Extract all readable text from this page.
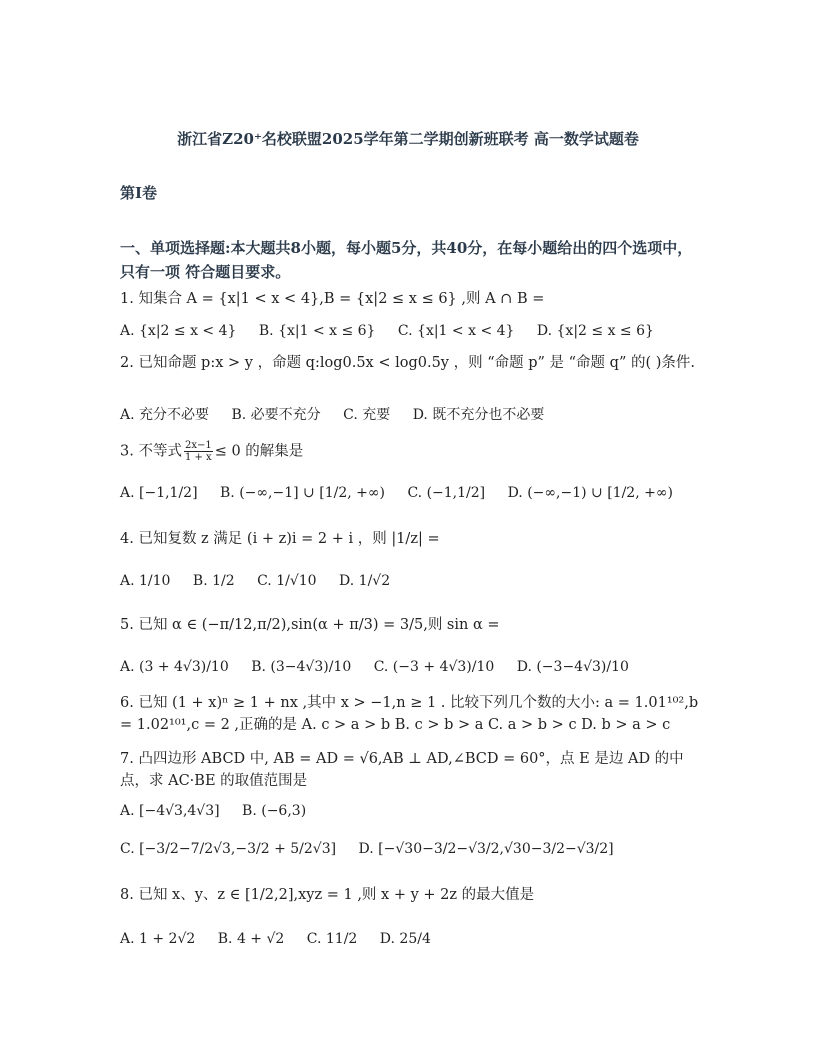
浙江省Z20⁺名校联盟2025学年第二学期创新班联考 高一数学试题卷
第I卷
一、单项选择题:本大题共8小题，每小题5分，共40分，在每小题给出的四个选项中，只有一项 符合题目要求。
1. 知集合 A = {x|1 < x < 4},B = {x|2 ≤ x ≤ 6} ,则 A ∩ B =
A. {x|2 ≤ x < 4} B. {x|1 < x ≤ 6} C. {x|1 < x < 4} D. {x|2 ≤ x ≤ 6}
2. 已知命题 p:x > y ，命题 q:log0.5x < log0.5y ，则 “命题 p” 是 “命题 q” 的( )条件.
A. 充分不必要 B. 必要不充分 C. 充要 D. 既不充分也不必要
3. 不等式 $\frac{2x-1}{1 + x} \le 0$ 的解集是
A. [−1,1/2] B. (−∞,−1] ∪ [1/2, +∞) C. (−1,1/2] D. (−∞,−1) ∪ [1/2, +∞)
4. 已知复数 z 满足 (i + z)i = 2 + i ，则 |1/z| =
A. 1/10 B. 1/2 C. 1/√10 D. 1/√2
5. 已知 α ∈ (−π/12,π/2),sin(α + π/3) = 3/5,则 sin α =
A. (3 + 4√3)/10 B. (3−4√3)/10 C. (−3 + 4√3)/10 D. (−3−4√3)/10
6. 已知 (1 + x)ⁿ ≥ 1 + nx ,其中 x > −1,n ≥ 1 . 比较下列几个数的大小: a = 1.01¹⁰²,b = 1.02¹⁰¹,c = 2 ,正确的是 A. c > a > b B. c > b > a C. a > b > c D. b > a > c
7. 凸四边形 ABCD 中, AB = AD = √6,AB ⊥ AD,∠BCD = 60°，点 E 是边 AD 的中点，求 AC·BE 的取值范围是
A. [−4√3,4√3] B. (−6,3)
C. [−3/2−7/2√3,−3/2 + 5/2√3] D. [−√30−3/2−√3/2,√30−3/2−√3/2]
8. 已知 x、y、z ∈ [1/2,2],xyz = 1 ,则 x + y + 2z 的最大值是
A. 1 + 2√2 B. 4 + √2 C. 11/2 D. 25/4
